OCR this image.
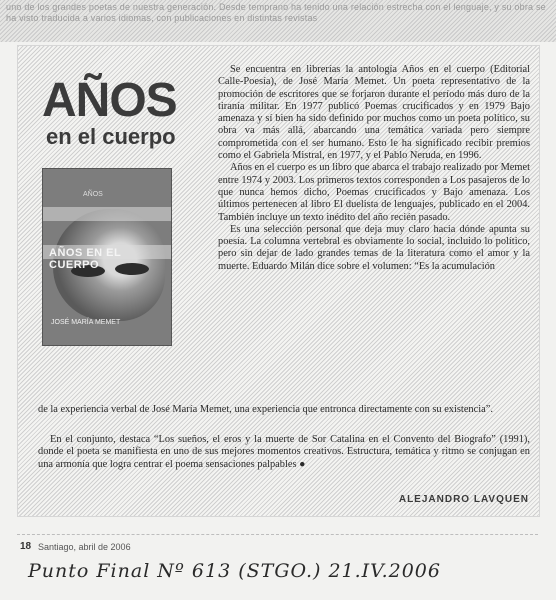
uno de los grandes poetas de nuestra generación. Desde temprano ha tenido una relación estrecha con el lenguaje, y su obra se ha visto traducida a varios idiomas, con publicaciones en distintas revistas
AÑOS
en el cuerpo
AÑOS
AÑOS EN EL CUERPO
JOSÉ MARÍA MEMET

Se encuentra en librerías la antología Años en el cuerpo (Editorial Calle-Poesía), de José María Memet. Un poeta representativo de la promoción de escritores que se forjaron durante el período más duro de la tiranía militar. En 1977 publicó Poemas crucificados y en 1979 Bajo amenaza y sí bien ha sido definido por muchos como un poeta político, su obra va más allá, abarcando una temática variada pero siempre comprometida con el ser humano. Esto le ha significado recibir premios como el Gabriela Mistral, en 1977, y el Pablo Neruda, en 1996.

Años en el cuerpo es un libro que abarca el trabajo realizado por Memet entre 1974 y 2003. Los primeros textos corresponden a Los pasajeros de lo que nunca hemos dicho, Poemas crucificados y Bajo amenaza. Los últimos pertenecen al libro El duelista de lenguajes, publicado en el 2004. También incluye un texto inédito del año recién pasado.

Es una selección personal que deja muy claro hacia dónde apunta su poesía. La columna vertebral es obviamente lo social, incluido lo político, pero sin dejar de lado grandes temas de la literatura como el amor y la muerte. Eduardo Milán dice sobre el volumen: “Es la acumulación

de la experiencia verbal de José María Memet, una experiencia que entronca directamente con su existencia”.

En el conjunto, destaca “Los sueños, el eros y la muerte de Sor Catalina en el Convento del Biografo” (1991), donde el poeta se manifiesta en uno de sus mejores momentos creativos. Estructura, temática y ritmo se conjugan en una armonía que logra centrar el poema sensaciones palpables ●

ALEJANDRO LAVQUEN
18 Santiago, abril de 2006
Punto Final Nº 613 (STGO.) 21.IV.2006
